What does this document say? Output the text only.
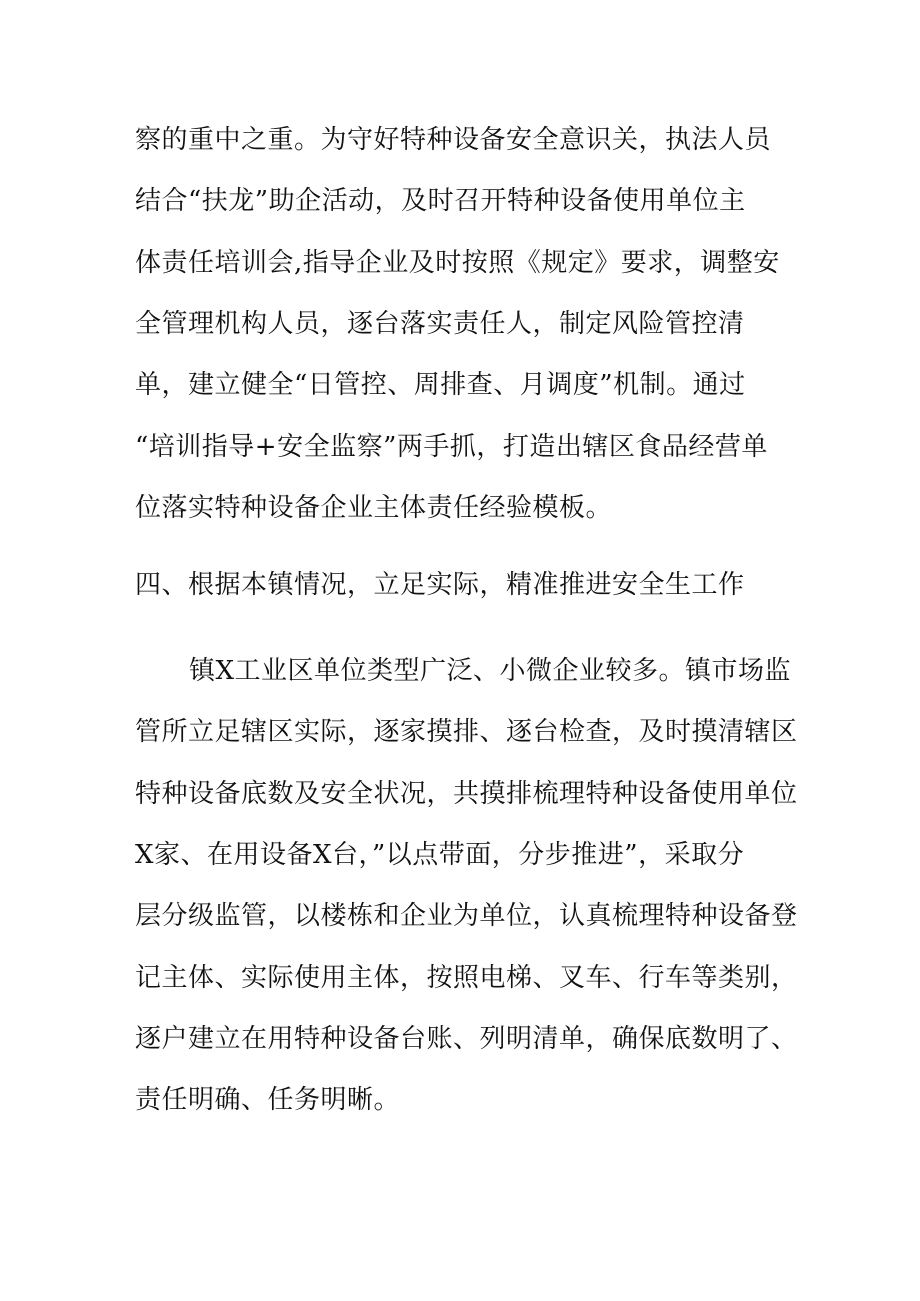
察的重中之重。为守好特种设备安全意识关，执法人员
结合“扶龙”助企活动，及时召开特种设备使用单位主
体责任培训会,指导企业及时按照《规定》要求，调整安
全管理机构人员，逐台落实责任人，制定风险管控清
单，建立健全“日管控、周排查、月调度”机制。通过
“培训指导+安全监察”两手抓，打造出辖区食品经营单
位落实特种设备企业主体责任经验模板。
四、根据本镇情况，立足实际，精准推进安全生工作
镇X工业区单位类型广泛、小微企业较多。镇市场监
管所立足辖区实际，逐家摸排、逐台检查，及时摸清辖区
特种设备底数及安全状况，共摸排梳理特种设备使用单位
X家、在用设备X台，”以点带面，分步推进”，采取分
层分级监管，以楼栋和企业为单位，认真梳理特种设备登
记主体、实际使用主体，按照电梯、叉车、行车等类别，
逐户建立在用特种设备台账、列明清单，确保底数明了、
责任明确、任务明晰。
